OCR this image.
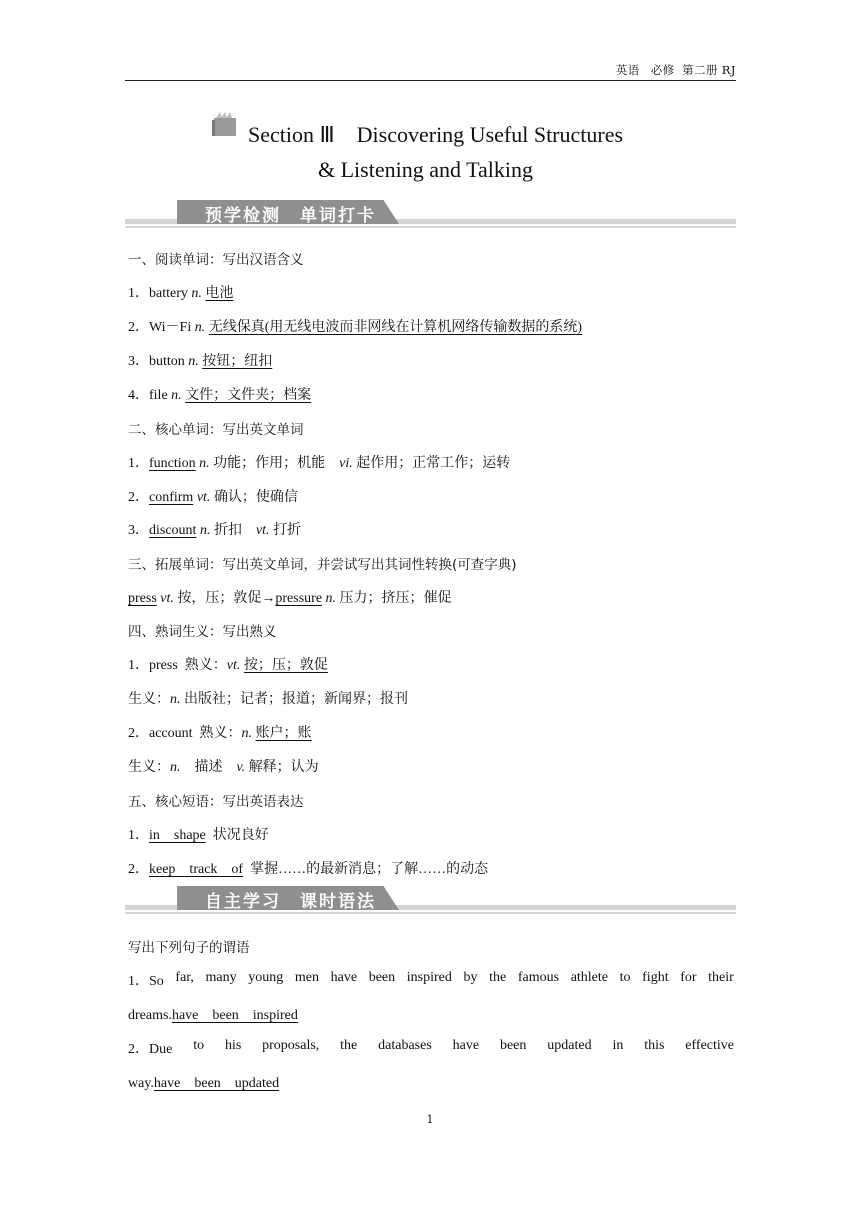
英语 必修 第二册 RJ
Section Ⅲ　Discovering Useful Structures
& Listening and Talking
预学检测　单词打卡
一、阅读单词：写出汉语含义
1．battery n. 电池
2．Wi－Fi n. 无线保真(用无线电波而非网线在计算机网络传输数据的系统)
3．button n. 按钮；纽扣
4．file n. 文件；文件夹；档案
二、核心单词：写出英文单词
1．function n. 功能；作用；机能 vi. 起作用；正常工作；运转
2．confirm vt. 确认；使确信
3．discount n. 折扣 vt. 打折
三、拓展单词：写出英文单词，并尝试写出其词性转换(可查字典)
press vt. 按，压；敦促→pressure n. 压力；挤压；催促
四、熟词生义：写出熟义
1．press 熟义：vt. 按；压；敦促
生义：n. 出版社；记者；报道；新闻界；报刊
2．account 熟义：n. 账户；账
生义：n. 描述 v. 解释；认为
五、核心短语：写出英语表达
1．in　shape 状况良好
2．keep　track　of 掌握……的最新消息；了解……的动态
自主学习　课时语法
写出下列句子的谓语
1．So far, many young men have been inspired by the famous athlete to fight for their
dreams.have　been　inspired
2．Due to his proposals, the databases have been updated in this effective
way.have　been　updated
1
